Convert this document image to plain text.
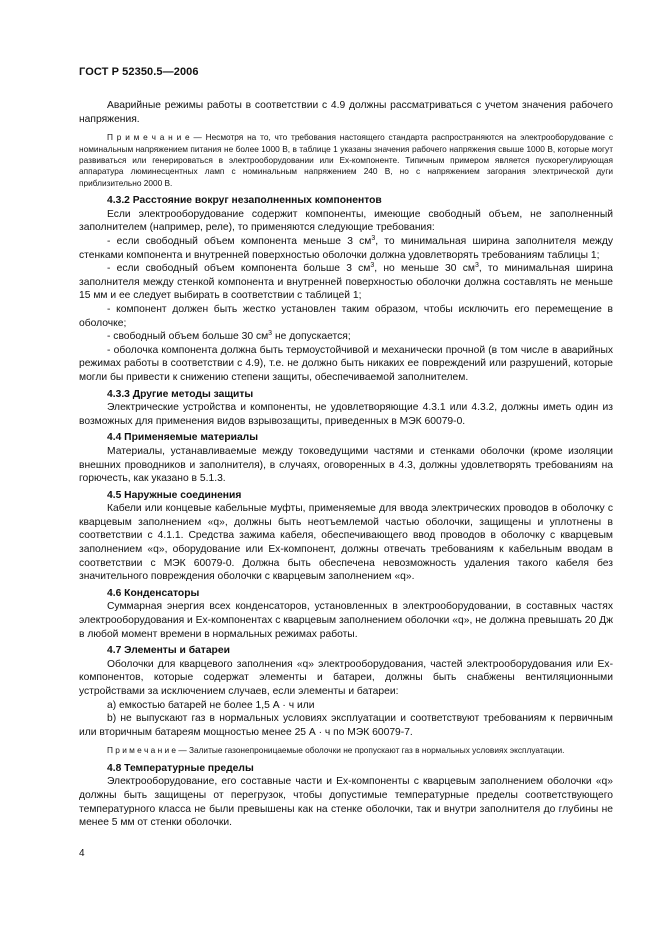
ГОСТ Р 52350.5—2006

Аварийные режимы работы в соответствии с 4.9 должны рассматриваться с учетом значения рабочего напряжения.

П р и м е ч а н и е — Несмотря на то, что требования настоящего стандарта распространяются на электрооборудование с номинальным напряжением питания не более 1000 В, в таблице 1 указаны значения рабочего напряжения свыше 1000 В, которые могут развиваться или генерироваться в электрооборудовании или Ex-компоненте. Типичным примером является пускорегулирующая аппаратура люминесцентных ламп с номинальным напряжением 240 В, но с напряжением загорания электрической дуги приблизительно 2000 В.

4.3.2 Расстояние вокруг незаполненных компонентов

Если электрооборудование содержит компоненты, имеющие свободный объем, не заполненный заполнителем (например, реле), то применяются следующие требования:

- если свободный объем компонента меньше 3 $см^3$, то минимальная ширина заполнителя между стенками компонента и внутренней поверхностью оболочки должна удовлетворять требованиям таблицы 1;

- если свободный объем компонента больше 3 $см^3$, но меньше 30 $см^3$, то минимальная ширина заполнителя между стенкой компонента и внутренней поверхностью оболочки должна составлять не меньше 15 мм и ее следует выбирать в соответствии с таблицей 1;

- компонент должен быть жестко установлен таким образом, чтобы исключить его перемещение в оболочке;

- свободный объем больше 30 $см^3$ не допускается;

- оболочка компонента должна быть термоустойчивой и механически прочной (в том числе в аварийных режимах работы в соответствии с 4.9), т.е. не должно быть никаких ее повреждений или разрушений, которые могли бы привести к снижению степени защиты, обеспечиваемой заполнителем.

4.3.3 Другие методы защиты

Электрические устройства и компоненты, не удовлетворяющие 4.3.1 или 4.3.2, должны иметь один из возможных для применения видов взрывозащиты, приведенных в МЭК 60079-0.

4.4 Применяемые материалы

Материалы, устанавливаемые между токоведущими частями и стенками оболочки (кроме изоляции внешних проводников и заполнителя), в случаях, оговоренных в 4.3, должны удовлетворять требованиям на горючесть, как указано в 5.1.3.

4.5 Наружные соединения

Кабели или концевые кабельные муфты, применяемые для ввода электрических проводов в оболочку с кварцевым заполнением «q», должны быть неотъемлемой частью оболочки, защищены и уплотнены в соответствии с 4.1.1. Средства зажима кабеля, обеспечивающего ввод проводов в оболочку с кварцевым заполнением «q», оборудование или Ex-компонент, должны отвечать требованиям к кабельным вводам в соответствии с МЭК 60079-0. Должна быть обеспечена невозможность удаления такого кабеля без значительного повреждения оболочки с кварцевым заполнением «q».

4.6 Конденсаторы

Суммарная энергия всех конденсаторов, установленных в электрооборудовании, в составных частях электрооборудования и Ex-компонентах с кварцевым заполнением оболочки «q», не должна превышать 20 Дж в любой момент времени в нормальных режимах работы.

4.7 Элементы и батареи

Оболочки для кварцевого заполнения «q» электрооборудования, частей электрооборудования или Ex-компонентов, которые содержат элементы и батареи, должны быть снабжены вентиляционными устройствами за исключением случаев, если элементы и батареи:

а) емкостью батарей не более 1,5 А · ч или

b) не выпускают газ в нормальных условиях эксплуатации и соответствуют требованиям к первичным или вторичным батареям мощностью менее 25 А · ч по МЭК 60079-7.

П р и м е ч а н и е — Залитые газонепроницаемые оболочки не пропускают газ в нормальных условиях эксплуатации.

4.8 Температурные пределы

Электрооборудование, его составные части и Ex-компоненты с кварцевым заполнением оболочки «q» должны быть защищены от перегрузок, чтобы допустимые температурные пределы соответствующего температурного класса не были превышены как на стенке оболочки, так и внутри заполнителя до глубины не менее 5 мм от стенки оболочки.

4
